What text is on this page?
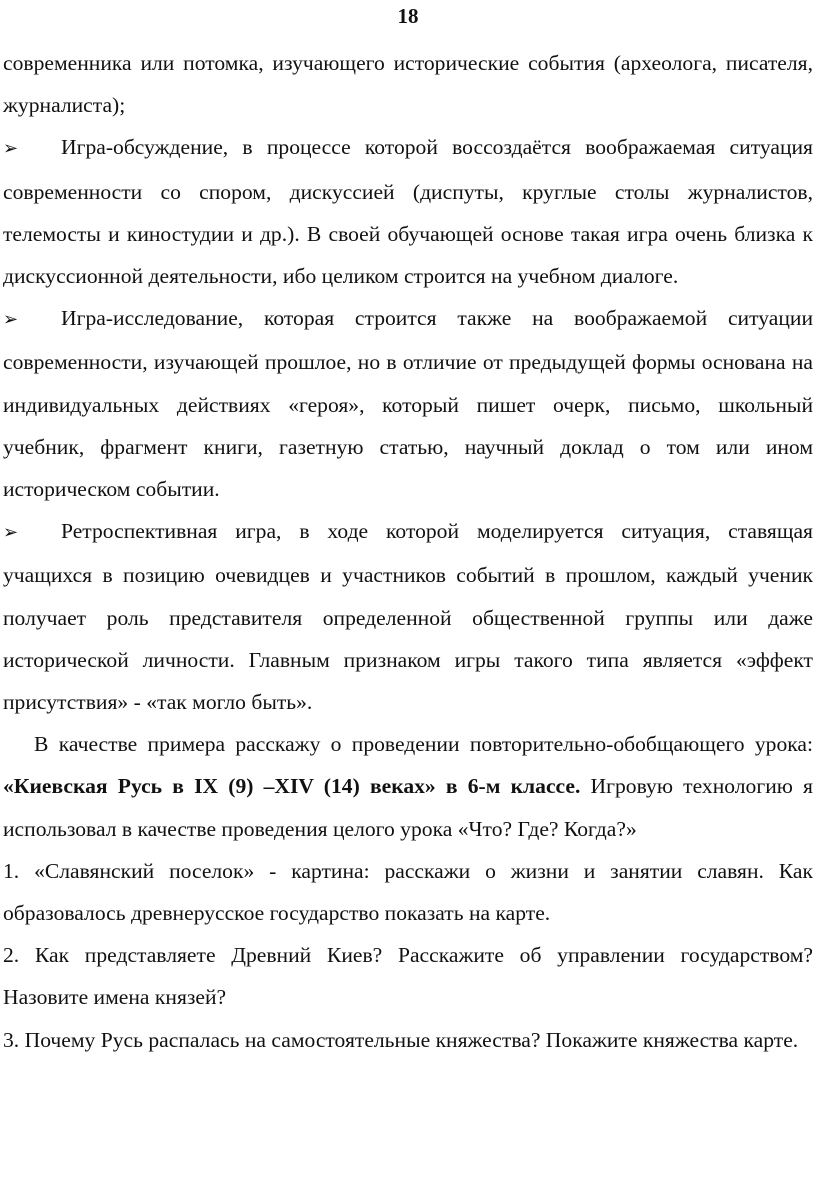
18

современника или потомка, изучающего исторические события (археолога, писателя, журналиста);

➢ Игра-обсуждение, в процессе которой воссоздаётся воображаемая ситуация современности со спором, дискуссией (диспуты, круглые столы журналистов, телемосты и киностудии и др.). В своей обучающей основе такая игра очень близка к дискуссионной деятельности, ибо целиком строится на учебном диалоге.

➢ Игра-исследование, которая строится также на воображаемой ситуации современности, изучающей прошлое, но в отличие от предыдущей формы основана на индивидуальных действиях «героя», который пишет очерк, письмо, школьный учебник, фрагмент книги, газетную статью, научный доклад о том или ином историческом событии.

➢ Ретроспективная игра, в ходе которой моделируется ситуация, ставящая учащихся в позицию очевидцев и участников событий в прошлом, каждый ученик получает роль представителя определенной общественной группы или даже исторической личности. Главным признаком игры такого типа является «эффект присутствия» - «так могло быть».

В качестве примера расскажу о проведении повторительно-обобщающего урока: «Киевская Русь в IX (9) –XIV (14) веках» в 6-м классе. Игровую технологию я использовал в качестве проведения целого урока «Что? Где? Когда?»

1. «Славянский поселок» - картина: расскажи о жизни и занятии славян. Как образовалось древнерусское государство показать на карте.

2. Как представляете Древний Киев? Расскажите об управлении государством? Назовите имена князей?

3. Почему Русь распалась на самостоятельные княжества? Покажите княжества карте.
